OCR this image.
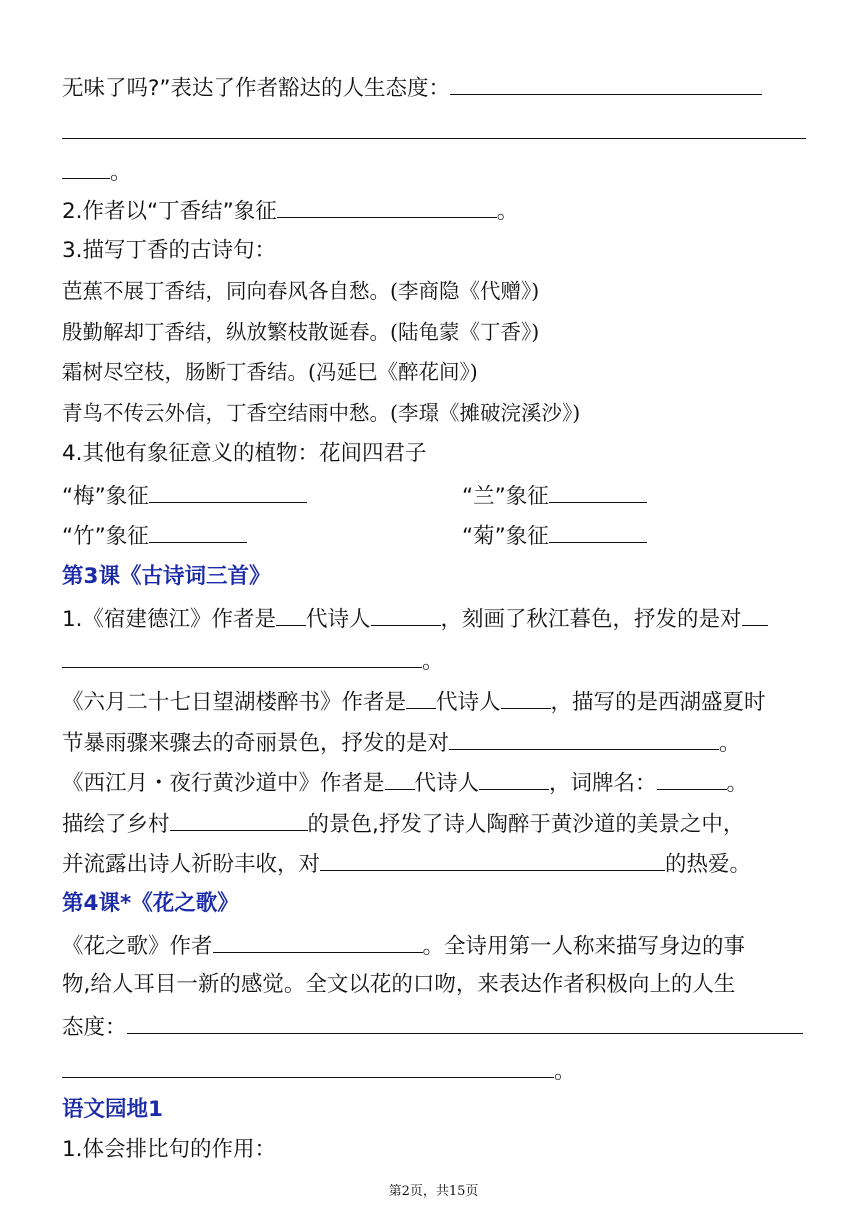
无味了吗?”表达了作者豁达的人生态度：
。
2.作者以“丁香结”象征	。
3.描写丁香的古诗句：
芭蕉不展丁香结，同向春风各自愁。(李商隐《代赠》)
殷勤解却丁香结，纵放繁枝散诞春。(陆龟蒙《丁香》)
霜树尽空枝，肠断丁香结。(冯延巳《醉花间》)
青鸟不传云外信，丁香空结雨中愁。(李璟《摊破浣溪沙》)
4.其他有象征意义的植物：花间四君子
“梅”象征	“兰”象征
“竹”象征	“菊”象征
第3课《古诗词三首》
1.《宿建德江》作者是 代诗人	，刻画了秋江暮色，抒发的是对
。
《六月二十七日望湖楼醉书》作者是 代诗人 ，描写的是西湖盛夏时
节暴雨骤来骤去的奇丽景色，抒发的是对	。
《西江月・夜行黄沙道中》作者是 代诗人	，词牌名：	。
描绘了乡村	的景色,抒发了诗人陶醉于黄沙道的美景之中，
并流露出诗人祈盼丰收，对	的热爱。
第4课*《花之歌》
《花之歌》作者	。全诗用第一人称来描写身边的事
物,给人耳目一新的感觉。全文以花的口吻，来表达作者积极向上的人生
态度：
。
语文园地1
1.体会排比句的作用：
第2页，共15页
